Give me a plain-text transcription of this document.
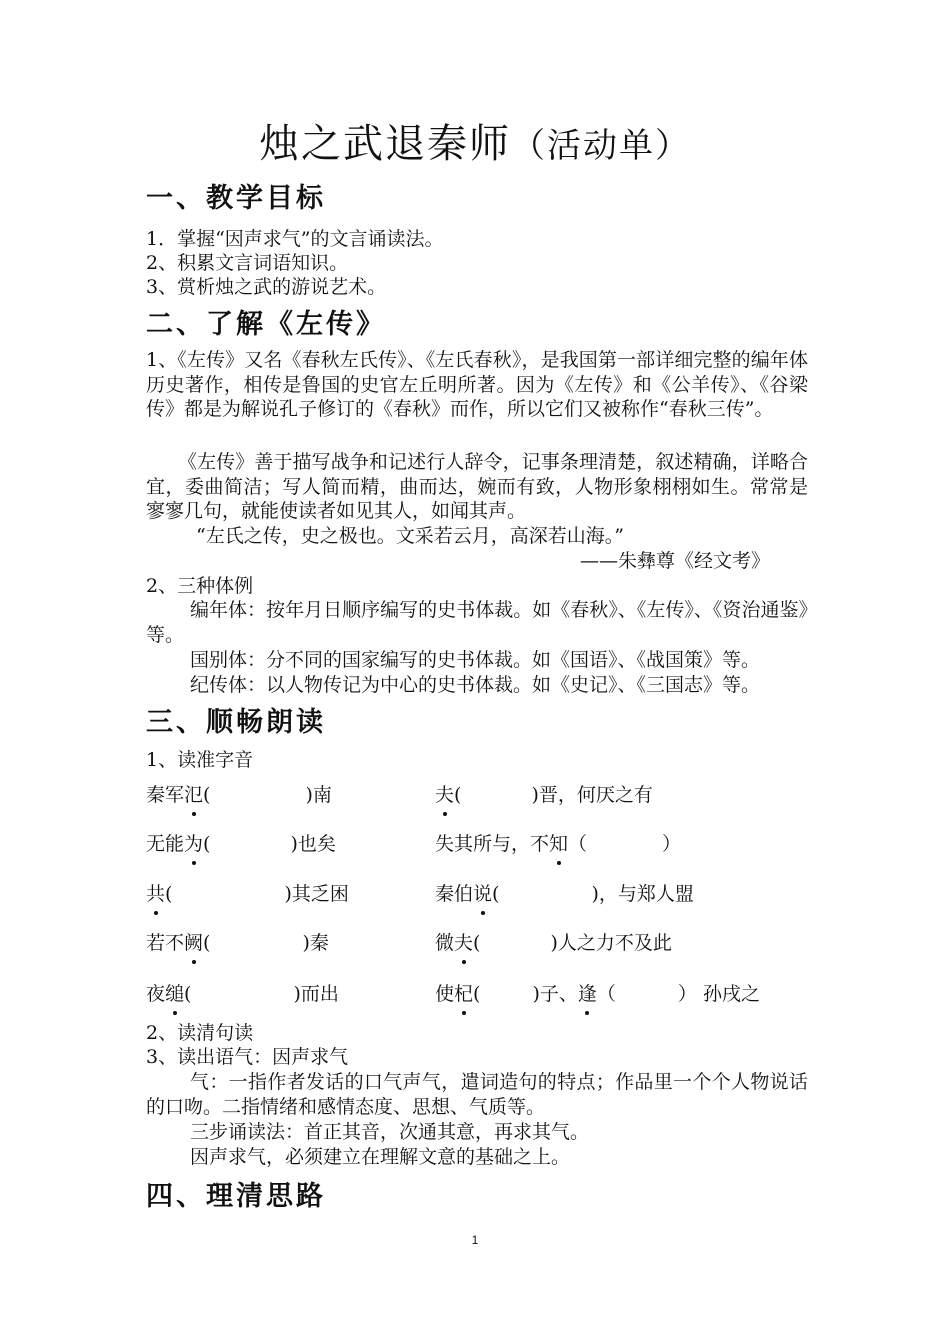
烛之武退秦师（活动单）
一、教学目标
1．掌握“因声求气”的文言诵读法。
2、积累文言词语知识。
3、赏析烛之武的游说艺术。
二、了解《左传》
1、《左传》又名《春秋左氏传》、《左氏春秋》，是我国第一部详细完整的编年体历史著作，相传是鲁国的史官左丘明所著。因为《左传》和《公羊传》、《谷梁传》都是为解说孔子修订的《春秋》而作，所以它们又被称作“春秋三传”。
《左传》善于描写战争和记述行人辞令，记事条理清楚，叙述精确，详略合宜，委曲简洁；写人简而精，曲而达，婉而有致，人物形象栩栩如生。常常是寥寥几句，就能使读者如见其人，如闻其声。
“左氏之传，史之极也。文采若云月，高深若山海。”
——朱彝尊《经文考》
2、三种体例
编年体：按年月日顺序编写的史书体裁。如《春秋》、《左传》、《资治通鉴》等。
国别体：分不同的国家编写的史书体裁。如《国语》、《战国策》等。
纪传体：以人物传记为中心的史书体裁。如《史记》、《三国志》等。
三、顺畅朗读
1、读准字音
秦军氾(	)南	夫(	)晋，何厌之有
无能为(	)也矣	失其所与，不知（	）
共(	)其乏困	秦伯说(	)，与郑人盟
若不阙(	)秦	微夫(	)人之力不及此
夜缒(	)而出	使杞(	)子、逢（	） 孙戌之
2、读清句读
3、读出语气：因声求气
气：一指作者发话的口气声气，遣词造句的特点；作品里一个个人物说话的口吻。二指情绪和感情态度、思想、气质等。
三步诵读法：首正其音，次通其意，再求其气。
因声求气，必须建立在理解文意的基础之上。
四、理清思路
1
